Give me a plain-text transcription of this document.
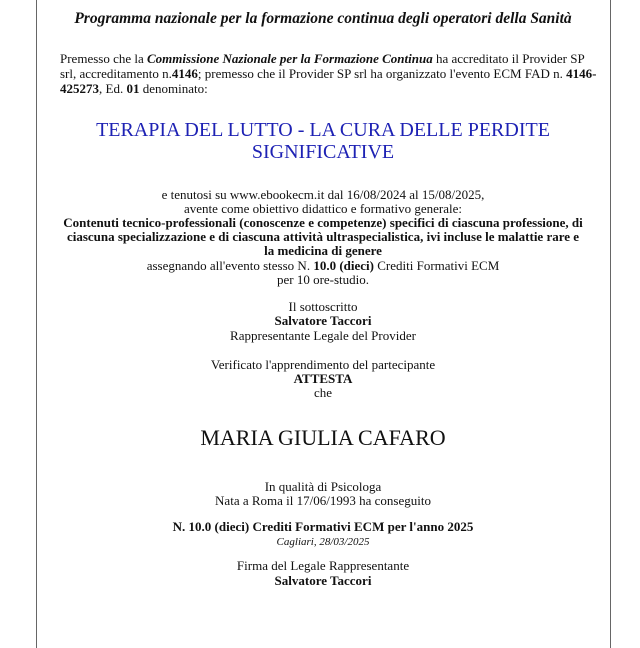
Programma nazionale per la formazione continua degli operatori della Sanità
Premesso che la Commissione Nazionale per la Formazione Continua ha accreditato il Provider SP srl, accreditamento n.4146; premesso che il Provider SP srl ha organizzato l'evento ECM FAD n. 4146-425273, Ed. 01 denominato:
TERAPIA DEL LUTTO - LA CURA DELLE PERDITE
SIGNIFICATIVE
e tenutosi su www.ebookecm.it dal 16/08/2024 al 15/08/2025,
avente come obiettivo didattico e formativo generale:
Contenuti tecnico-professionali (conoscenze e competenze) specifici di ciascuna professione, di
ciascuna specializzazione e di ciascuna attività ultraspecialistica, ivi incluse le malattie rare e
la medicina di genere
assegnando all'evento stesso N. 10.0 (dieci) Crediti Formativi ECM
per 10 ore-studio.
Il sottoscritto
Salvatore Taccori
Rappresentante Legale del Provider
Verificato l'apprendimento del partecipante
ATTESTA
che
MARIA GIULIA CAFARO
In qualità di Psicologa
Nata a Roma il 17/06/1993 ha conseguito
N. 10.0 (dieci) Crediti Formativi ECM per l'anno 2025
Cagliari, 28/03/2025
Firma del Legale Rappresentante
Salvatore Taccori
